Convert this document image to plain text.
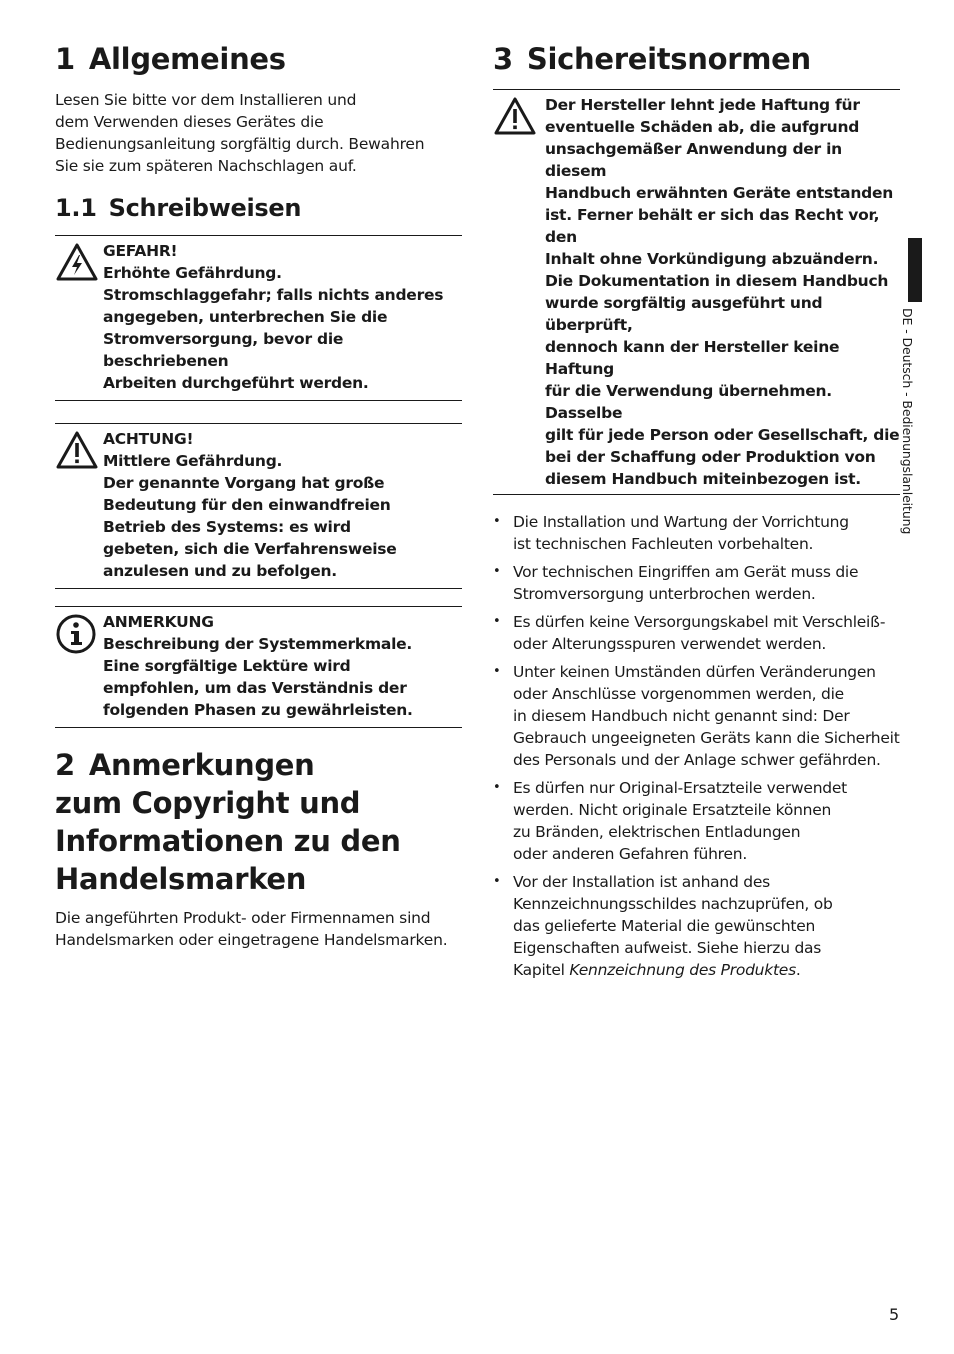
1 Allgemeines

Lesen Sie bitte vor dem Installieren und
dem Verwenden dieses Gerätes die
Bedienungsanleitung sorgfältig durch. Bewahren
Sie sie zum späteren Nachschlagen auf.

1.1 Schreibweisen
GEFAHR!
Erhöhte Gefährdung.
Stromschlaggefahr; falls nichts anderes
angegeben, unterbrechen Sie die
Stromversorgung, bevor die beschriebenen
Arbeiten durchgeführt werden.
ACHTUNG!
Mittlere Gefährdung.
Der genannte Vorgang hat große
Bedeutung für den einwandfreien
Betrieb des Systems: es wird
gebeten, sich die Verfahrensweise
anzulesen und zu befolgen.
ANMERKUNG
Beschreibung der Systemmerkmale.
Eine sorgfältige Lektüre wird
empfohlen, um das Verständnis der
folgenden Phasen zu gewährleisten.
2 Anmerkungen
zum Copyright und
Informationen zu den
Handelsmarken

Die angeführten Produkt- oder Firmennamen sind
Handelsmarken oder eingetragene Handelsmarken.

3 Sichereitsnormen
Der Hersteller lehnt jede Haftung für
eventuelle Schäden ab, die aufgrund
unsachgemäßer Anwendung der in diesem
Handbuch erwähnten Geräte entstanden
ist. Ferner behält er sich das Recht vor, den
Inhalt ohne Vorkündigung abzuändern.
Die Dokumentation in diesem Handbuch
wurde sorgfältig ausgeführt und überprüft,
dennoch kann der Hersteller keine Haftung
für die Verwendung übernehmen. Dasselbe
gilt für jede Person oder Gesellschaft, die
bei der Schaffung oder Produktion von
diesem Handbuch miteinbezogen ist.
• Die Installation und Wartung der Vorrichtung
ist technischen Fachleuten vorbehalten.
• Vor technischen Eingriffen am Gerät muss die
Stromversorgung unterbrochen werden.
• Es dürfen keine Versorgungskabel mit Verschleiß-
oder Alterungsspuren verwendet werden.
• Unter keinen Umständen dürfen Veränderungen
oder Anschlüsse vorgenommen werden, die
in diesem Handbuch nicht genannt sind: Der
Gebrauch ungeeigneten Geräts kann die Sicherheit
des Personals und der Anlage schwer gefährden.
• Es dürfen nur Original-Ersatzteile verwendet
werden. Nicht originale Ersatzteile können
zu Bränden, elektrischen Entladungen
oder anderen Gefahren führen.
• Vor der Installation ist anhand des
Kennzeichnungsschildes nachzuprüfen, ob
das gelieferte Material die gewünschten
Eigenschaften aufweist. Siehe hierzu das
Kapitel Kennzeichnung des Produktes.
DE - Deutsch - Bedienungslanleitung
5
